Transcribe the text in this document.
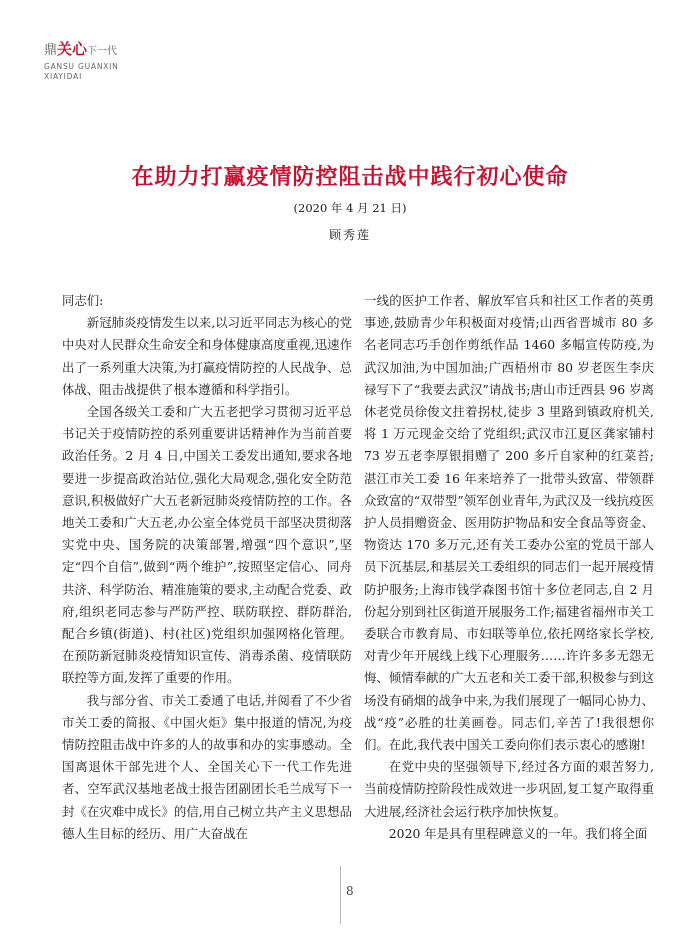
鼎关心下一代
GANSU GUANXIN
XIAYIDAI
在助力打赢疫情防控阻击战中践行初心使命
(2020 年 4 月 21 日)
顾秀莲

同志们:

新冠肺炎疫情发生以来,以习近平同志为核心的党中央对人民群众生命安全和身体健康高度重视,迅速作出了一系列重大决策,为打赢疫情防控的人民战争、总体战、阻击战提供了根本遵循和科学指引。

全国各级关工委和广大五老把学习贯彻习近平总书记关于疫情防控的系列重要讲话精神作为当前首要政治任务。2 月 4 日,中国关工委发出通知,要求各地要进一步提高政治站位,强化大局观念,强化安全防范意识,积极做好广大五老新冠肺炎疫情防控的工作。各地关工委和广大五老,办公室全体党员干部坚决贯彻落实党中央、国务院的决策部署,增强“四个意识”,坚定“四个自信”,做到“两个维护”,按照坚定信心、同舟共济、科学防治、精准施策的要求,主动配合党委、政府,组织老同志参与严防严控、联防联控、群防群治,配合乡镇(街道)、村(社区)党组织加强网格化管理。在预防新冠肺炎疫情知识宣传、消毒杀菌、疫情联防联控等方面,发挥了重要的作用。

我与部分省、市关工委通了电话,并阅看了不少省市关工委的简报、《中国火炬》集中报道的情况,为疫情防控阻击战中许多的人的故事和办的实事感动。全国离退休干部先进个人、全国关心下一代工作先进者、空军武汉基地老战士报告团副团长毛兰成写下一封《在灾难中成长》的信,用自己树立共产主义思想品德人生目标的经历、用广大奋战在

一线的医护工作者、解放军官兵和社区工作者的英勇事迹,鼓励青少年积极面对疫情;山西省晋城市 80 多名老同志巧手创作剪纸作品 1460 多幅宣传防疫,为武汉加油,为中国加油;广西梧州市 80 岁老医生李庆禄写下了“我要去武汉”请战书;唐山市迁西县 96 岁离休老党员徐俊文拄着拐杖,徒步 3 里路到镇政府机关,将 1 万元现金交给了党组织;武汉市江夏区龚家铺村 73 岁五老李厚银捐赠了 200 多斤自家种的红菜苔;湛江市关工委 16 年来培养了一批带头致富、带领群众致富的“双带型”领军创业青年,为武汉及一线抗疫医护人员捐赠资金、医用防护物品和安全食品等资金、物资达 170 多万元,还有关工委办公室的党员干部人员下沉基层,和基层关工委组织的同志们一起开展疫情防护服务;上海市钱学森图书馆十多位老同志,自 2 月份起分别到社区街道开展服务工作;福建省福州市关工委联合市教育局、市妇联等单位,依托网络家长学校,对青少年开展线上线下心理服务……许许多多无怨无悔、倾情奉献的广大五老和关工委干部,积极参与到这场没有硝烟的战争中来,为我们展现了一幅同心协力、战“疫”必胜的壮美画卷。同志们,辛苦了!我很想你们。在此,我代表中国关工委向你们表示衷心的感谢!

在党中央的坚强领导下,经过各方面的艰苦努力,当前疫情防控阶段性成效进一步巩固,复工复产取得重大进展,经济社会运行秩序加快恢复。

2020 年是具有里程碑意义的一年。我们将全面

8
